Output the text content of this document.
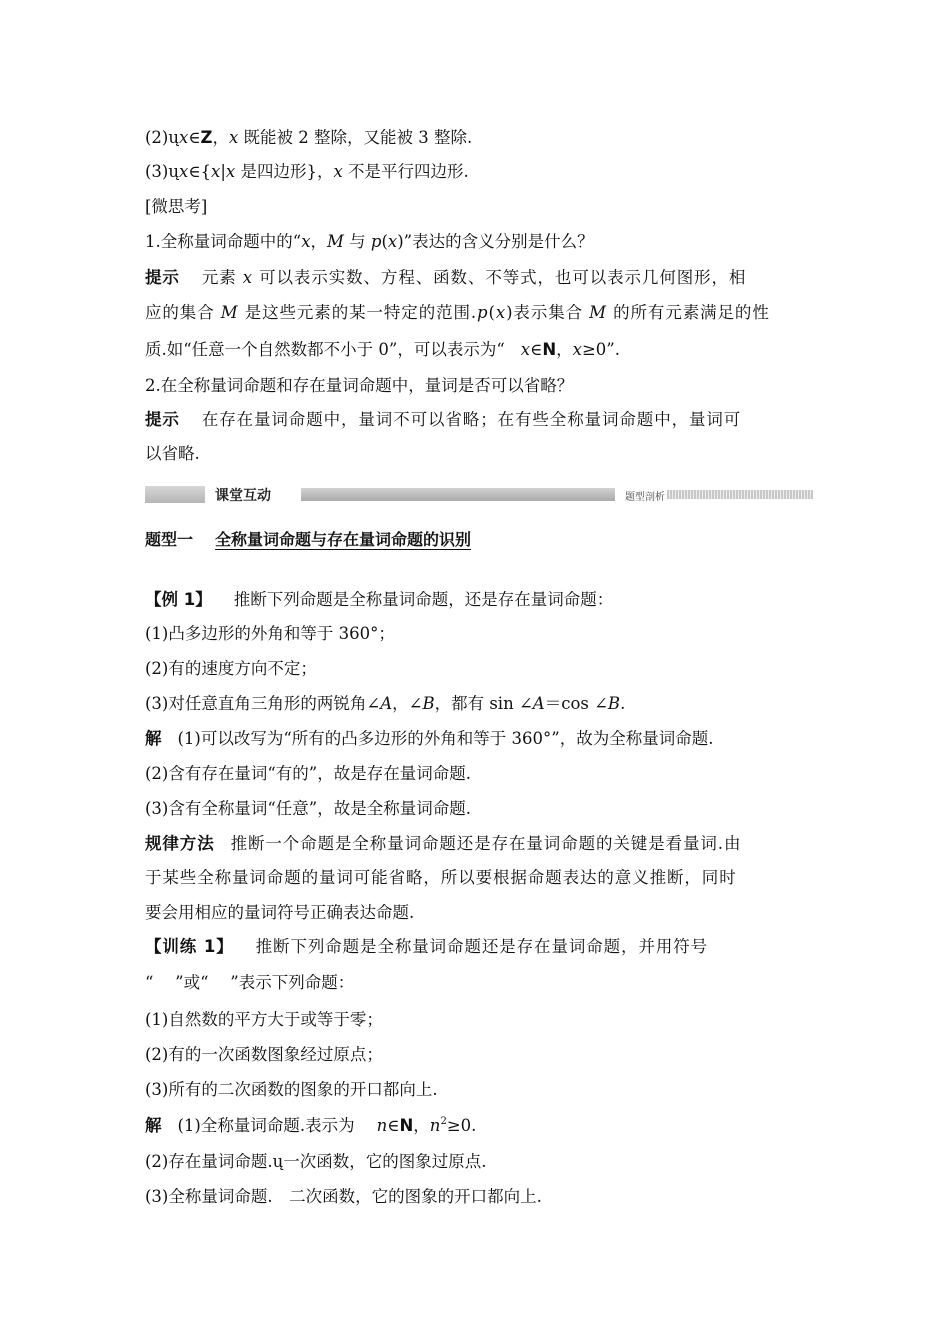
(2)ųx∈Z，x 既能被 2 整除，又能被 3 整除.
(3)ųx∈{x|x 是四边形}，x 不是平行四边形.
[微思考]
1.全称量词命题中的“x，M 与 p(x)”表达的含义分别是什么？
提示 元素 x 可以表示实数、方程、函数、不等式，也可以表示几何图形，相
应的集合 M 是这些元素的某一特定的范围.p(x)表示集合 M 的所有元素满足的性
质.如“任意一个自然数都不小于 0”，可以表示为“ x∈N，x≥0”.
2.在全称量词命题和存在量词命题中，量词是否可以省略？
提示 在存在量词命题中，量词不可以省略；在有些全称量词命题中，量词可
以省略.
课堂互动	题型剖析
题型一 全称量词命题与存在量词命题的识别
【例 1】 推断下列命题是全称量词命题，还是存在量词命题：
(1)凸多边形的外角和等于 360°；
(2)有的速度方向不定；
(3)对任意直角三角形的两锐角∠A，∠B，都有 sin ∠A＝cos ∠B.
解 (1)可以改写为“所有的凸多边形的外角和等于 360°”，故为全称量词命题.
(2)含有存在量词“有的”，故是存在量词命题.
(3)含有全称量词“任意”，故是全称量词命题.
规律方法 推断一个命题是全称量词命题还是存在量词命题的关键是看量词.由
于某些全称量词命题的量词可能省略，所以要根据命题表达的意义推断，同时
要会用相应的量词符号正确表达命题.
【训练 1】 推断下列命题是全称量词命题还是存在量词命题，并用符号
“　 ”或“　 ”表示下列命题：
(1)自然数的平方大于或等于零；
(2)有的一次函数图象经过原点；
(3)所有的二次函数的图象的开口都向上.
解 (1)全称量词命题.表示为 n∈N，$n^2\ge 0$.
(2)存在量词命题.ų一次函数，它的图象过原点.
(3)全称量词命题.　二次函数，它的图象的开口都向上.
